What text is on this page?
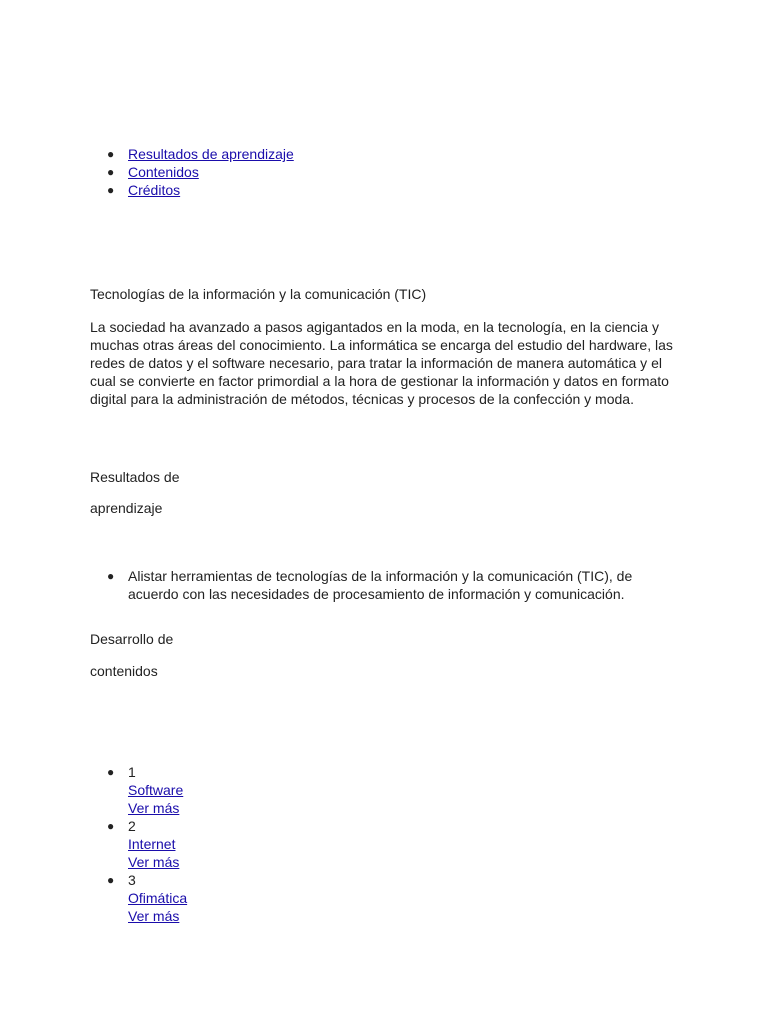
● Resultados de aprendizaje
● Contenidos
● Créditos
Tecnologías de la información y la comunicación (TIC)
La sociedad ha avanzado a pasos agigantados en la moda, en la tecnología, en la ciencia y
muchas otras áreas del conocimiento. La informática se encarga del estudio del hardware, las
redes de datos y el software necesario, para tratar la información de manera automática y el
cual se convierte en factor primordial a la hora de gestionar la información y datos en formato
digital para la administración de métodos, técnicas y procesos de la confección y moda.
Resultados de
aprendizaje
● Alistar herramientas de tecnologías de la información y la comunicación (TIC), de
acuerdo con las necesidades de procesamiento de información y comunicación.
Desarrollo de
contenidos
● 1
Software
Ver más
● 2
Internet
Ver más
● 3
Ofimática
Ver más
